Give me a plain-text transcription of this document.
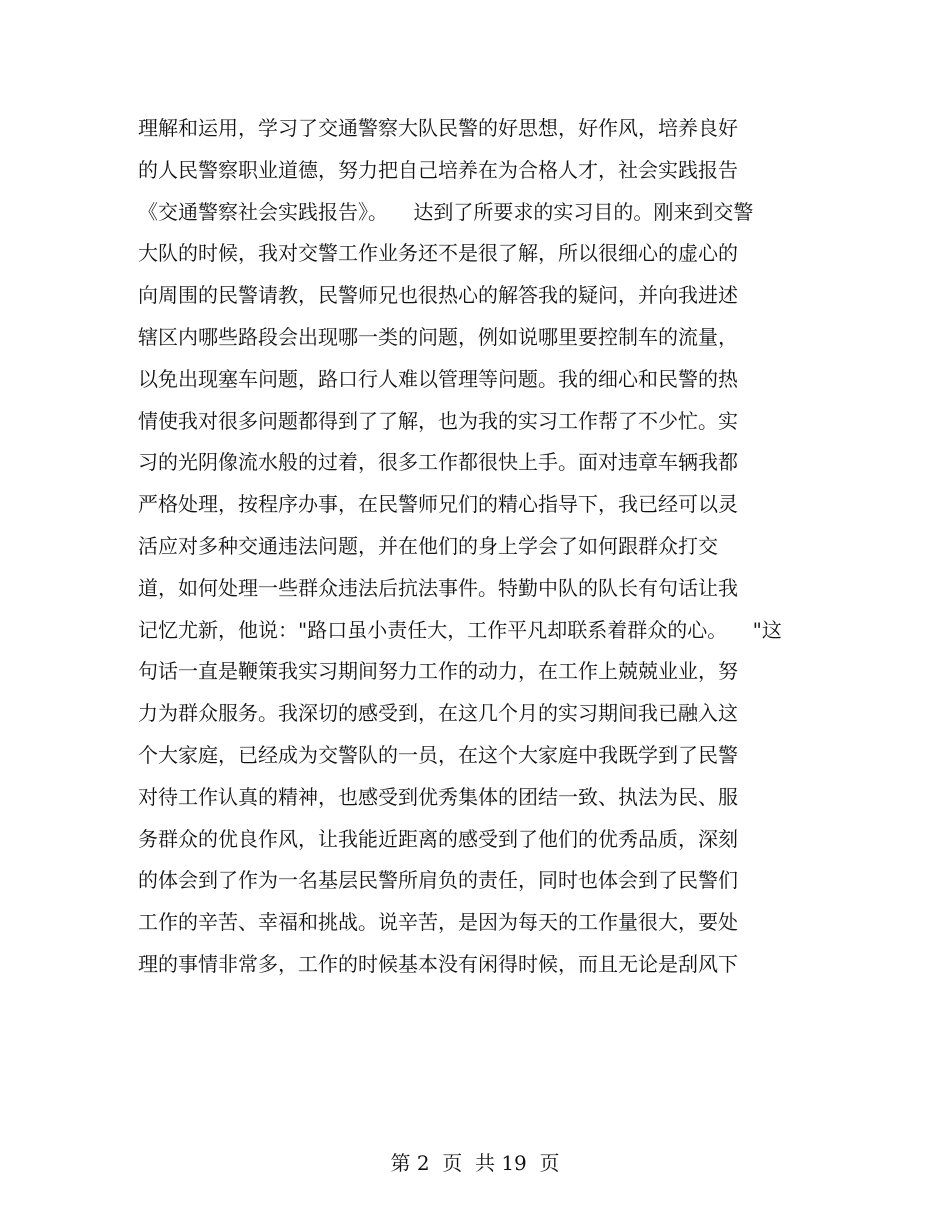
理解和运用，学习了交通警察大队民警的好思想，好作风，培养良好
的人民警察职业道德，努力把自己培养在为合格人才，社会实践报告
《交通警察社会实践报告》。    达到了所要求的实习目的。刚来到交警
大队的时候，我对交警工作业务还不是很了解，所以很细心的虚心的
向周围的民警请教，民警师兄也很热心的解答我的疑问，并向我进述
辖区内哪些路段会出现哪一类的问题，例如说哪里要控制车的流量，
以免出现塞车问题，路口行人难以管理等问题。我的细心和民警的热
情使我对很多问题都得到了了解，也为我的实习工作帮了不少忙。实
习的光阴像流水般的过着，很多工作都很快上手。面对违章车辆我都
严格处理，按程序办事，在民警师兄们的精心指导下，我已经可以灵
活应对多种交通违法问题，并在他们的身上学会了如何跟群众打交
道，如何处理一些群众违法后抗法事件。特勤中队的队长有句话让我
记忆尤新，他说："路口虽小责任大，工作平凡却联系着群众的心。    "这
句话一直是鞭策我实习期间努力工作的动力，在工作上兢兢业业，努
力为群众服务。我深切的感受到，在这几个月的实习期间我已融入这
个大家庭，已经成为交警队的一员，在这个大家庭中我既学到了民警
对待工作认真的精神，也感受到优秀集体的团结一致、执法为民、服
务群众的优良作风，让我能近距离的感受到了他们的优秀品质，深刻
的体会到了作为一名基层民警所肩负的责任，同时也体会到了民警们
工作的辛苦、幸福和挑战。说辛苦，是因为每天的工作量很大，要处
理的事情非常多，工作的时候基本没有闲得时候，而且无论是刮风下
第 2  页  共 19  页
